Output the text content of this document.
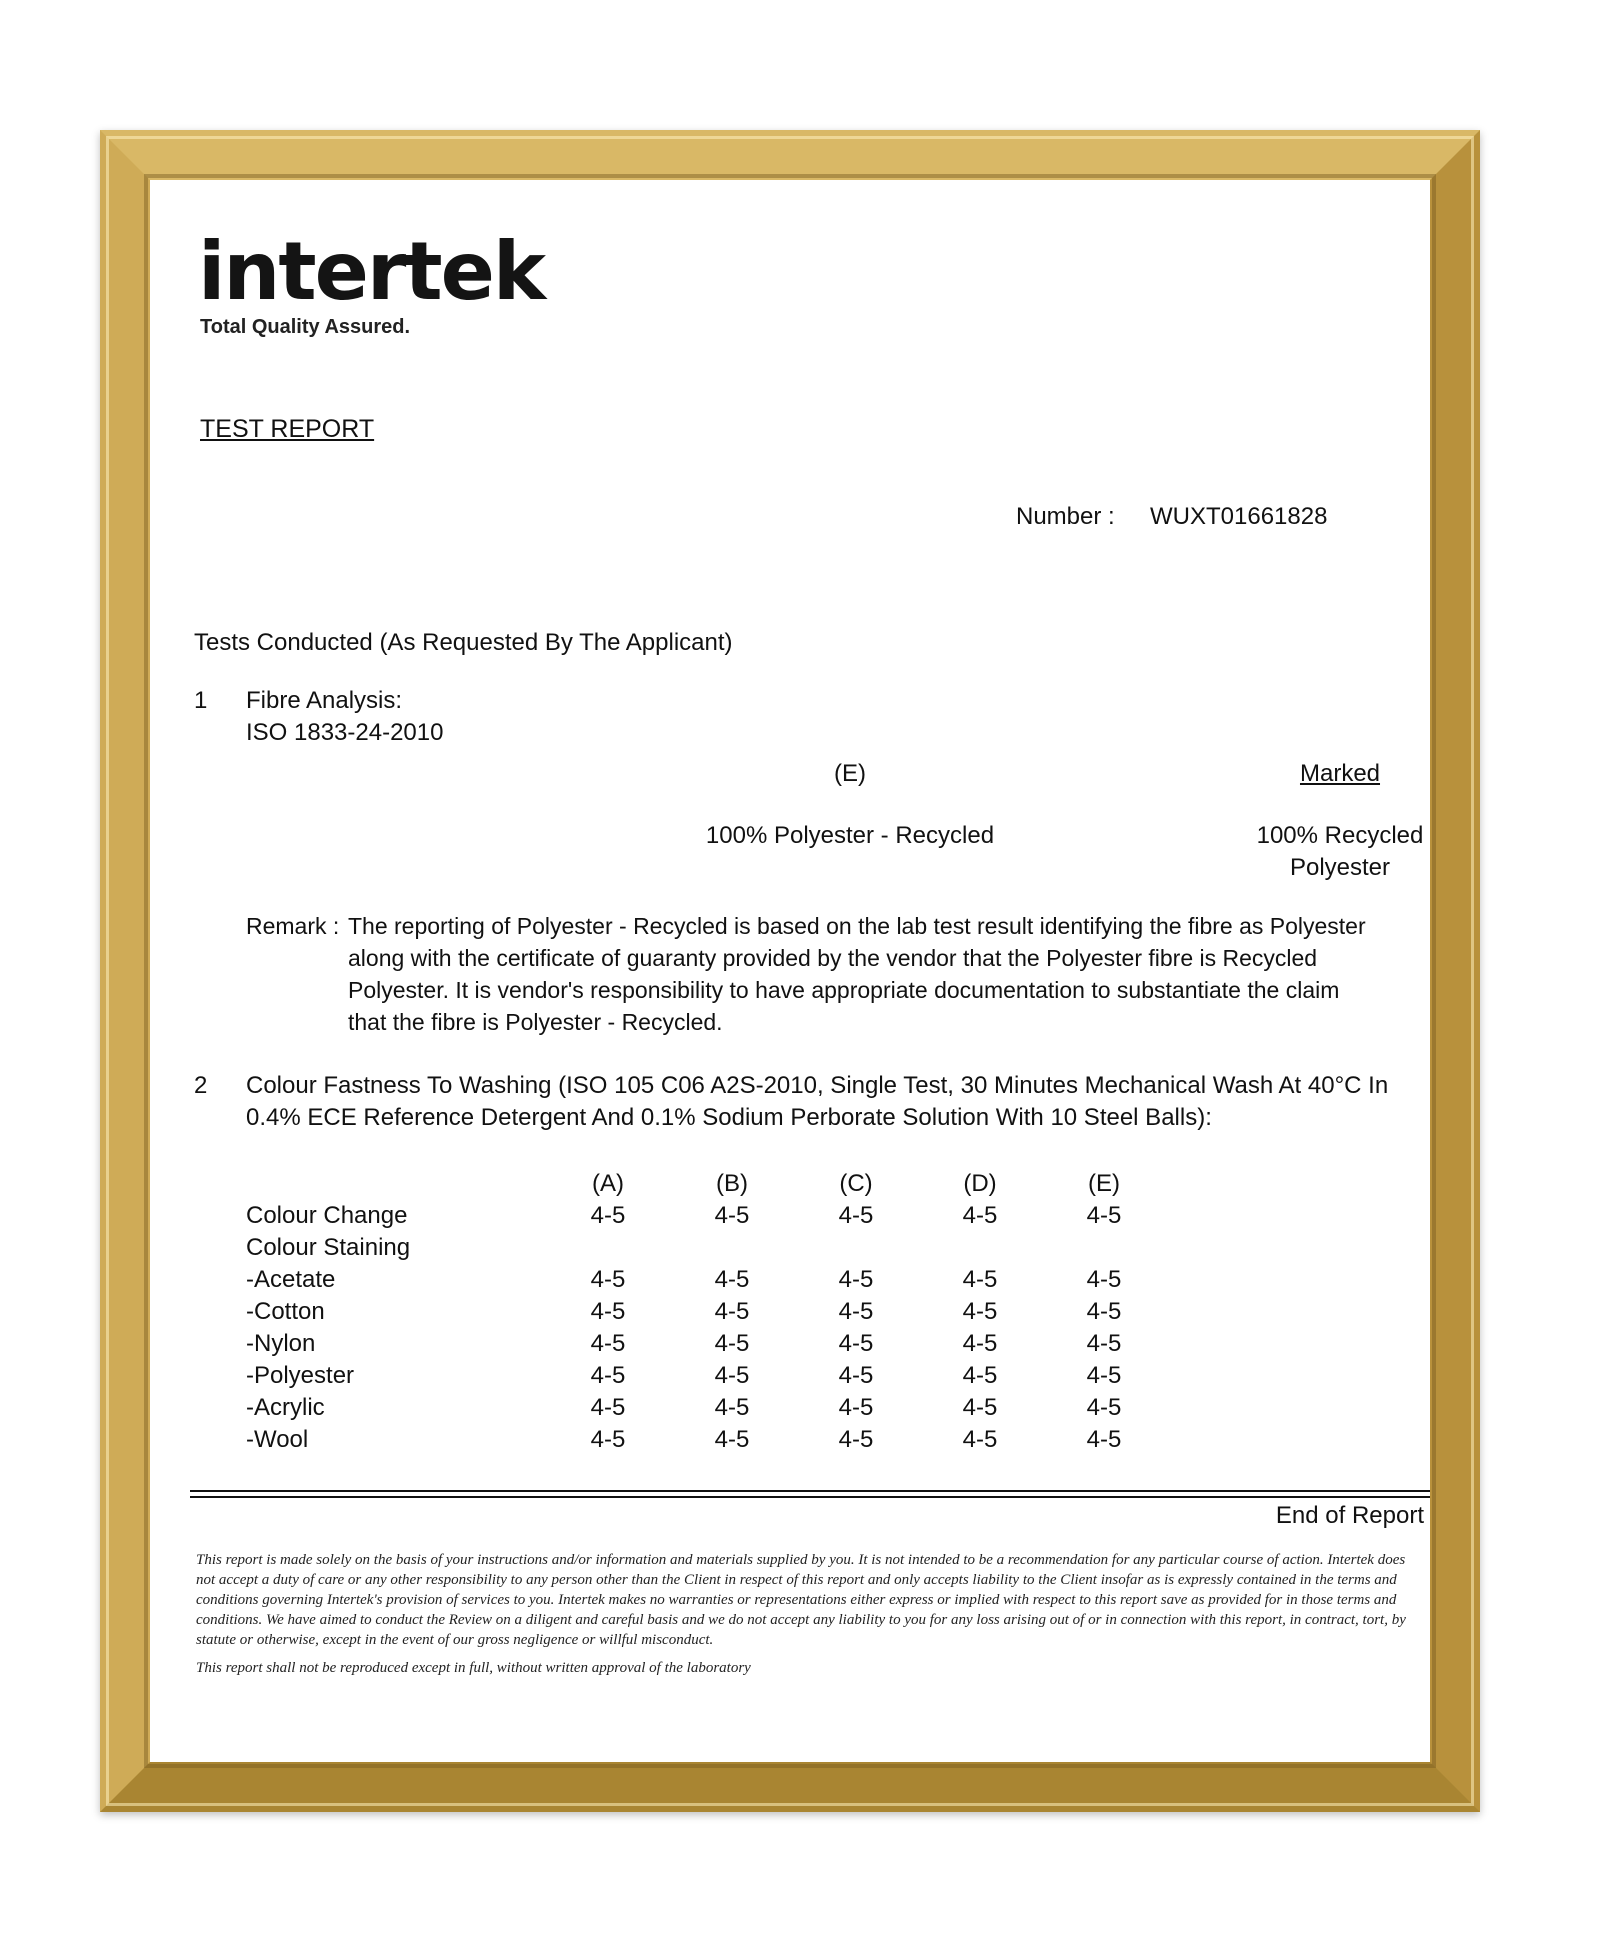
intertek
Total Quality Assured.
TEST REPORT
Number : WUXT01661828
Tests Conducted (As Requested By The Applicant)
1 Fibre Analysis:
ISO 1833-24-2010
(E)	Marked
100% Polyester - Recycled	100% Recycled
Polyester
Remark : The reporting of Polyester - Recycled is based on the lab test result identifying the fibre as Polyester along with the certificate of guaranty provided by the vendor that the Polyester fibre is Recycled Polyester. It is vendor's responsibility to have appropriate documentation to substantiate the claim that the fibre is Polyester - Recycled.
2 Colour Fastness To Washing (ISO 105 C06 A2S-2010, Single Test, 30 Minutes Mechanical Wash At 40°C In
0.4% ECE Reference Detergent And 0.1% Sodium Perborate Solution With 10 Steel Balls):
	(A)	(B)	(C)	(D)	(E)
Colour Change	4-5	4-5	4-5	4-5	4-5
Colour Staining					
-Acetate	4-5	4-5	4-5	4-5	4-5
-Cotton	4-5	4-5	4-5	4-5	4-5
-Nylon	4-5	4-5	4-5	4-5	4-5
-Polyester	4-5	4-5	4-5	4-5	4-5
-Acrylic	4-5	4-5	4-5	4-5	4-5
-Wool	4-5	4-5	4-5	4-5	4-5
End of Report
This report is made solely on the basis of your instructions and/or information and materials supplied by you. It is not intended to be a recommendation for any particular course of action. Intertek does not accept a duty of care or any other responsibility to any person other than the Client in respect of this report and only accepts liability to the Client insofar as is expressly contained in the terms and conditions governing Intertek's provision of services to you. Intertek makes no warranties or representations either express or implied with respect to this report save as provided for in those terms and conditions. We have aimed to conduct the Review on a diligent and careful basis and we do not accept any liability to you for any loss arising out of or in connection with this report, in contract, tort, by statute or otherwise, except in the event of our gross negligence or willful misconduct.
This report shall not be reproduced except in full, without written approval of the laboratory
